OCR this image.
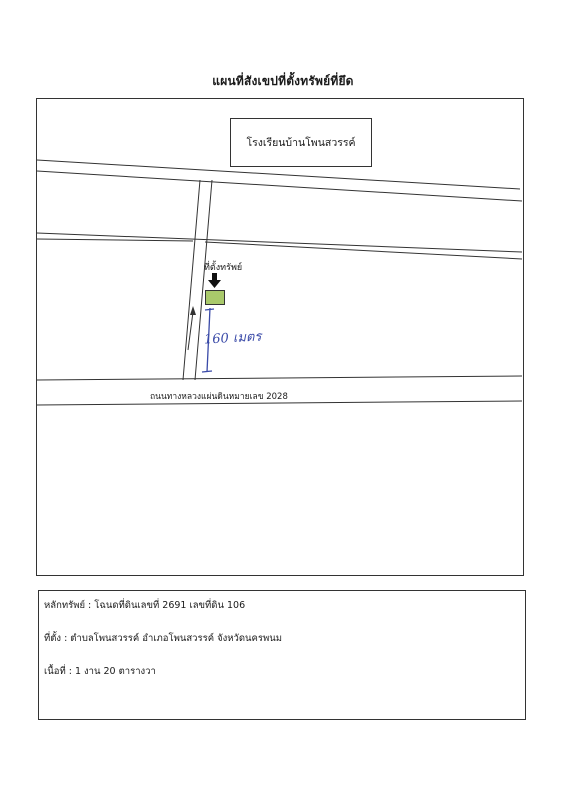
แผนที่สังเขปที่ตั้งทรัพย์ที่ยึด
โรงเรียนบ้านโพนสวรรค์
ที่ตั้งทรัพย์
160 เมตร
ถนนทางหลวงแผ่นดินหมายเลข 2028
หลักทรัพย์ : โฉนดที่ดินเลขที่ 2691 เลขที่ดิน 106
ที่ตั้ง : ตำบลโพนสวรรค์ อำเภอโพนสวรรค์ จังหวัดนครพนม
เนื้อที่ : 1 งาน 20 ตารางวา
